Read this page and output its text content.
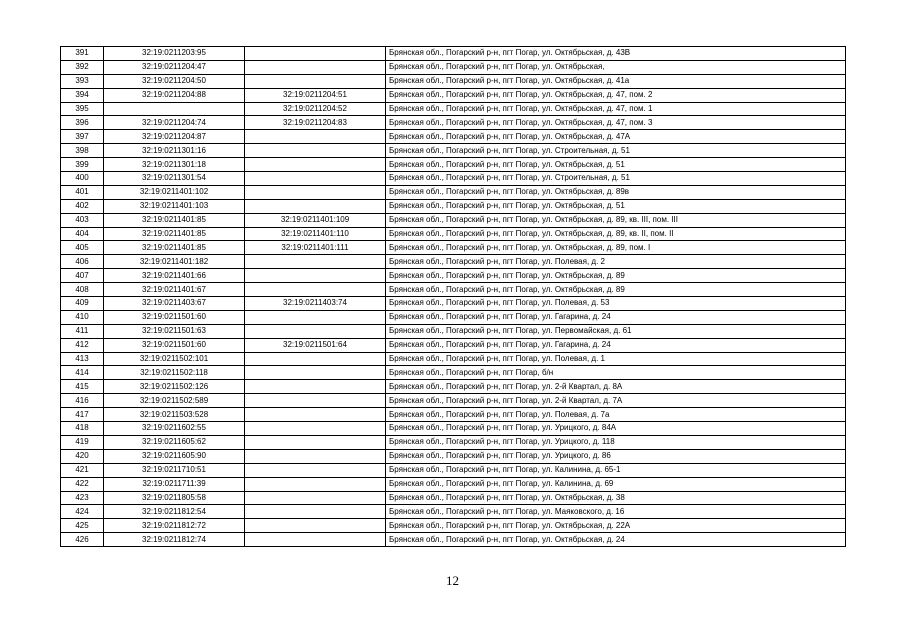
391	32:19:0211203:95		Брянская обл., Погарский р-н, пгт Погар, ул. Октябрьская, д. 43В
392	32:19:0211204:47		Брянская обл., Погарский р-н, пгт Погар, ул. Октябрьская,
393	32:19:0211204:50		Брянская обл., Погарский р-н, пгт Погар, ул. Октябрьская, д. 41а
394	32:19:0211204:88	32:19:0211204:51	Брянская обл., Погарский р-н, пгт Погар, ул. Октябрьская, д. 47, пом. 2
395		32:19:0211204:52	Брянская обл., Погарский р-н, пгт Погар, ул. Октябрьская, д. 47, пом. 1
396	32:19:0211204:74	32:19:0211204:83	Брянская обл., Погарский р-н, пгт Погар, ул. Октябрьская, д. 47, пом. 3
397	32:19:0211204:87		Брянская обл., Погарский р-н, пгт Погар, ул. Октябрьская, д. 47А
398	32:19:0211301:16		Брянская обл., Погарский р-н, пгт Погар, ул. Строительная, д. 51
399	32:19:0211301:18		Брянская обл., Погарский р-н, пгт Погар, ул. Октябрьская, д. 51
400	32:19:0211301:54		Брянская обл., Погарский р-н, пгт Погар, ул. Строительная, д. 51
401	32:19:0211401:102		Брянская обл., Погарский р-н, пгт Погар, ул. Октябрьская, д. 89в
402	32:19:0211401:103		Брянская обл., Погарский р-н, пгт Погар, ул. Октябрьская, д. 51
403	32:19:0211401:85	32:19:0211401:109	Брянская обл., Погарский р-н, пгт Погар, ул. Октябрьская, д. 89, кв. III, пом. III
404	32:19:0211401:85	32:19:0211401:110	Брянская обл., Погарский р-н, пгт Погар, ул. Октябрьская, д. 89, кв. II, пом. II
405	32:19:0211401:85	32:19:0211401:111	Брянская обл., Погарский р-н, пгт Погар, ул. Октябрьская, д. 89, пом. I
406	32:19:0211401:182		Брянская обл., Погарский р-н, пгт Погар, ул. Полевая, д. 2
407	32:19:0211401:66		Брянская обл., Погарский р-н, пгт Погар, ул. Октябрьская, д. 89
408	32:19:0211401:67		Брянская обл., Погарский р-н, пгт Погар, ул. Октябрьская, д. 89
409	32:19:0211403:67	32:19:0211403:74	Брянская обл., Погарский р-н, пгт Погар, ул. Полевая, д. 53
410	32:19:0211501:60		Брянская обл., Погарский р-н, пгт Погар, ул. Гагарина, д. 24
411	32:19:0211501:63		Брянская обл., Погарский р-н, пгт Погар, ул. Первомайская, д. 61
412	32:19:0211501:60	32:19:0211501:64	Брянская обл., Погарский р-н, пгт Погар, ул. Гагарина, д. 24
413	32:19:0211502:101		Брянская обл., Погарский р-н, пгт Погар, ул. Полевая, д. 1
414	32:19:0211502:118		Брянская обл., Погарский р-н, пгт Погар, б/н
415	32:19:0211502:126		Брянская обл., Погарский р-н, пгт Погар, ул. 2-й Квартал, д. 8А
416	32:19:0211502:589		Брянская обл., Погарский р-н, пгт Погар, ул. 2-й Квартал, д. 7А
417	32:19:0211503:528		Брянская обл., Погарский р-н, пгт Погар, ул. Полевая, д. 7а
418	32:19:0211602:55		Брянская обл., Погарский р-н, пгт Погар, ул. Урицкого, д. 84А
419	32:19:0211605:62		Брянская обл., Погарский р-н, пгт Погар, ул. Урицкого, д. 118
420	32:19:0211605:90		Брянская обл., Погарский р-н, пгт Погар, ул. Урицкого, д. 86
421	32:19:0211710:51		Брянская обл., Погарский р-н, пгт Погар, ул. Калинина, д. 65-1
422	32:19:0211711:39		Брянская обл., Погарский р-н, пгт Погар, ул. Калинина, д. 69
423	32:19:0211805:58		Брянская обл., Погарский р-н, пгт Погар, ул. Октябрьская, д. 38
424	32:19:0211812:54		Брянская обл., Погарский р-н, пгт Погар, ул. Маяковского, д. 16
425	32:19:0211812:72		Брянская обл., Погарский р-н, пгт Погар, ул. Октябрьская, д. 22А
426	32:19:0211812:74		Брянская обл., Погарский р-н, пгт Погар, ул. Октябрьская, д. 24
12
